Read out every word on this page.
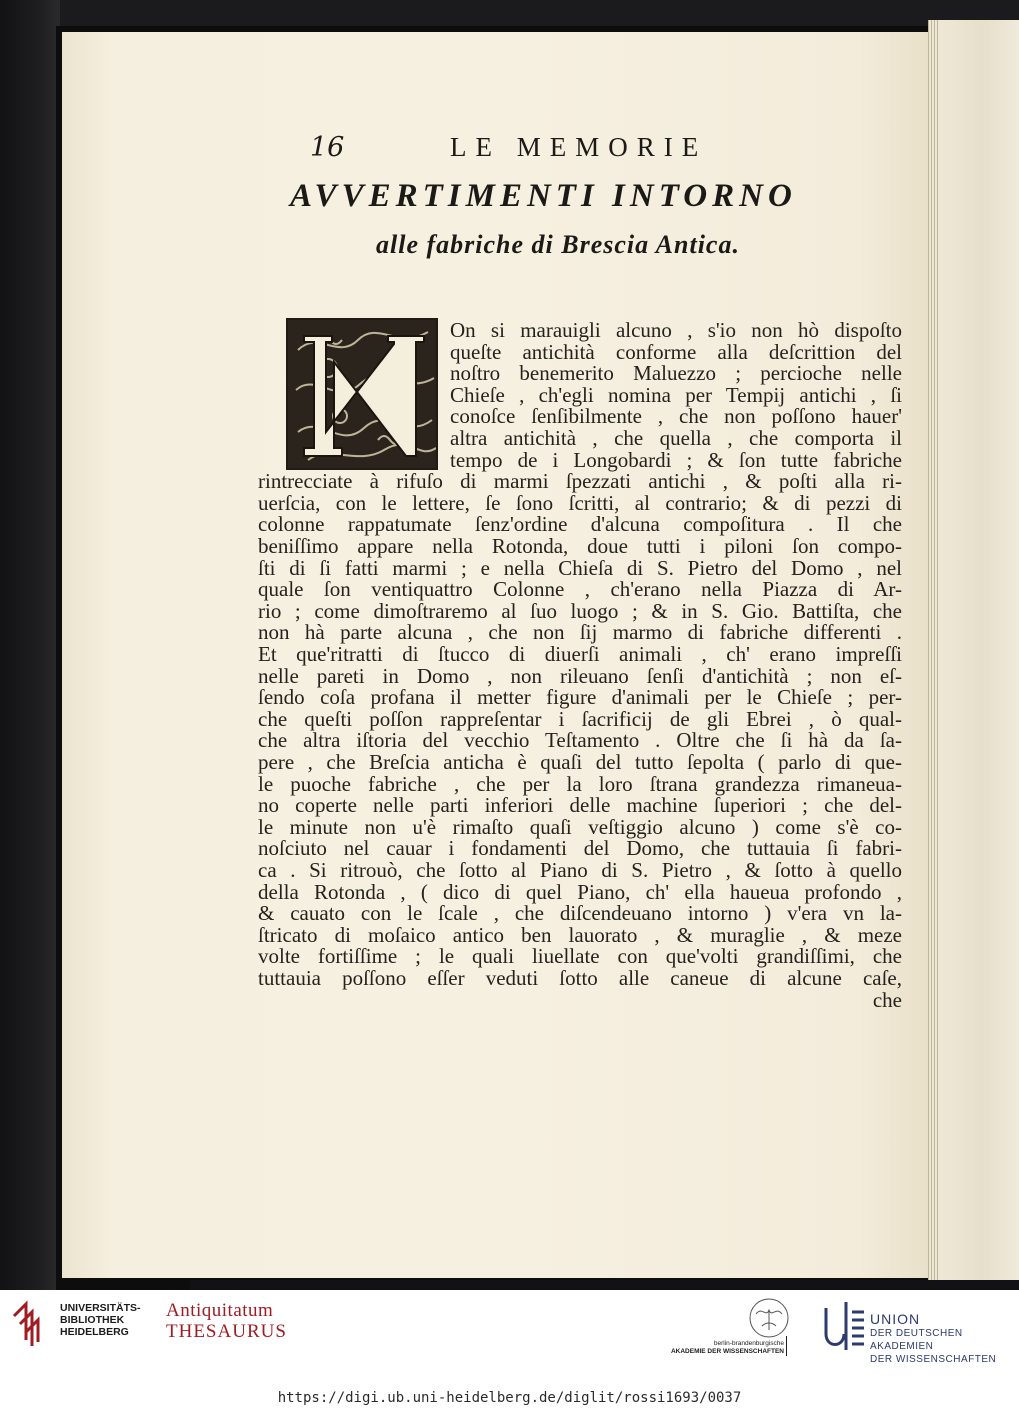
16	LE MEMORIE
AVVERTIMENTI INTORNO
alle fabriche di Brescia Antica.
On si marauigli alcuno , s'io non hò dispoſto
queſte antichità conforme alla deſcrittion del
noſtro benemerito Maluezzo ; percioche nelle
Chieſe , ch'egli nomina per Tempij antichi , ſi
conoſce ſenſibilmente , che non poſſono hauer'
altra antichità , che quella , che comporta il
tempo de i Longobardi ; & ſon tutte fabriche
rintrecciate à rifuſo di marmi ſpezzati antichi , & poſti alla ri-
uerſcia, con le lettere, ſe ſono ſcritti, al contrario; & di pezzi di
colonne rappatumate ſenz'ordine d'alcuna compoſitura . Il che
beniſſimo appare nella Rotonda, doue tutti i piloni ſon compo-
ſti di ſi fatti marmi ; e nella Chieſa di S. Pietro del Domo , nel
quale ſon ventiquattro Colonne , ch'erano nella Piazza di Ar-
rio ; come dimoſtraremo al ſuo luogo ; & in S. Gio. Battiſta, che
non hà parte alcuna , che non ſij marmo di fabriche differenti .
Et que'ritratti di ſtucco di diuerſi animali , ch' erano impreſſi
nelle pareti in Domo , non rileuano ſenſi d'antichità ; non eſ-
ſendo coſa profana il metter figure d'animali per le Chieſe ; per-
che queſti poſſon rappreſentar i ſacrificij de gli Ebrei , ò qual-
che altra iſtoria del vecchio Teſtamento . Oltre che ſi hà da ſa-
pere , che Breſcia anticha è quaſi del tutto ſepolta ( parlo di que-
le puoche fabriche , che per la loro ſtrana grandezza rimaneua-
no coperte nelle parti inferiori delle machine ſuperiori ; che del-
le minute non u'è rimaſto quaſi veſtiggio alcuno ) come s'è co-
noſciuto nel cauar i fondamenti del Domo, che tuttauia ſi fabri-
ca . Si ritrouò, che ſotto al Piano di S. Pietro , & ſotto à quello
della Rotonda , ( dico di quel Piano, ch' ella haueua profondo ,
& cauato con le ſcale , che diſcendeuano intorno ) v'era vn la-
ſtricato di moſaico antico ben lauorato , & muraglie , & meze
volte fortiſſime ; le quali liuellate con que'volti grandiſſimi, che
tuttauia poſſono eſſer veduti ſotto alle caneue di alcune caſe,
che
UNIVERSITÄTS-
BIBLIOTHEK
HEIDELBERG
Antiquitatum
THESAURUS
berlin-brandenburgische
AKADEMIE DER WISSENSCHAFTEN
UNION
DER DEUTSCHEN AKADEMIEN
DER WISSENSCHAFTEN
https://digi.ub.uni-heidelberg.de/diglit/rossi1693/0037
